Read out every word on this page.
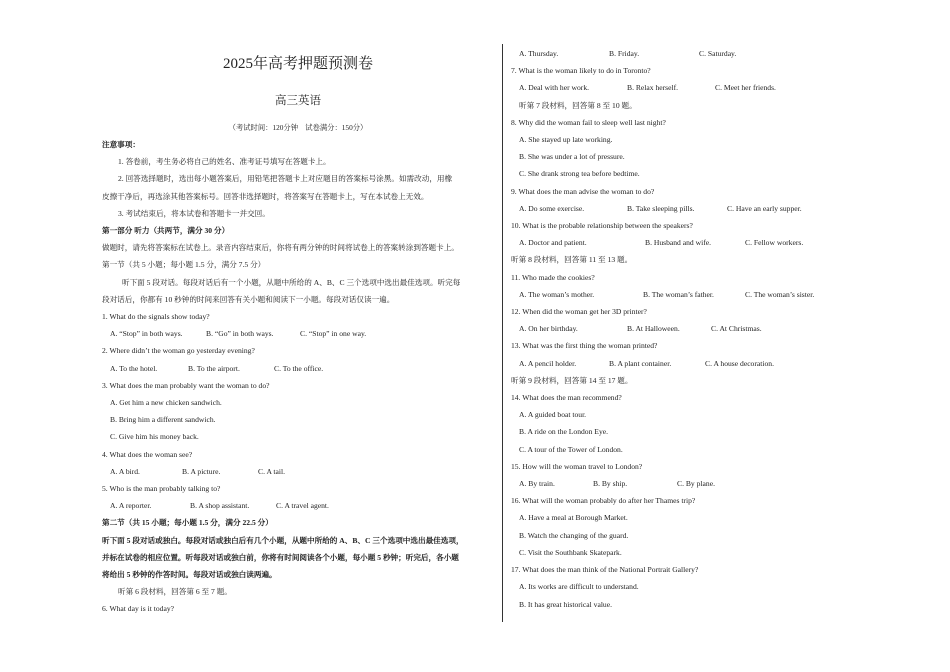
2025年高考押题预测卷
高三英语
（考试时间：120分钟　试卷满分：150分）
注意事项：
1. 答卷前，考生务必将自己的姓名、准考证号填写在答题卡上。
2. 回答选择题时，选出每小题答案后，用铅笔把答题卡上对应题目的答案标号涂黑。如需改动，用橡
皮擦干净后，再选涂其他答案标号。回答非选择题时，将答案写在答题卡上，写在本试卷上无效。
3. 考试结束后，将本试卷和答题卡一并交回。
第一部分 听力（共两节，满分 30 分）
做题时，请先将答案标在试卷上。录音内容结束后，你将有两分钟的时间将试卷上的答案转涂到答题卡上。
第一节（共 5 小题；每小题 1.5 分，满分 7.5 分）
听下面 5 段对话。每段对话后有一个小题，从题中所给的 A、B、C 三个选项中选出最佳选项。听完每
段对话后，你都有 10 秒钟的时间来回答有关小题和阅读下一小题。每段对话仅读一遍。
1. What do the signals show today?
A. “Stop” in both ways.	B. “Go” in both ways.	C. “Stop” in one way.
2. Where didn’t the woman go yesterday evening?
A. To the hotel.	B. To the airport.	C. To the office.
3. What does the man probably want the woman to do?
A. Get him a new chicken sandwich.
B. Bring him a different sandwich.
C. Give him his money back.
4. What does the woman see?
A. A bird.	B. A picture.	C. A tail.
5. Who is the man probably talking to?
A. A reporter.	B. A shop assistant.	C. A travel agent.
第二节（共 15 小题；每小题 1.5 分，满分 22.5 分）
听下面 5 段对话或独白。每段对话或独白后有几个小题，从题中所给的 A、B、C 三个选项中选出最佳选项，
并标在试卷的相应位置。听每段对话或独白前，你将有时间阅读各个小题，每小题 5 秒钟；听完后，各小题
将给出 5 秒钟的作答时间。每段对话或独白读两遍。
听第 6 段材料，回答第 6 至 7 题。
6. What day is it today?
A. Thursday.	B. Friday.	C. Saturday.
7. What is the woman likely to do in Toronto?
A. Deal with her work.	B. Relax herself.	C. Meet her friends.
听第 7 段材料，回答第 8 至 10 题。
8. Why did the woman fail to sleep well last night?
A. She stayed up late working.
B. She was under a lot of pressure.
C. She drank strong tea before bedtime.
9. What does the man advise the woman to do?
A. Do some exercise.	B. Take sleeping pills.	C. Have an early supper.
10. What is the probable relationship between the speakers?
A. Doctor and patient.	B. Husband and wife.	C. Fellow workers.
听第 8 段材料，回答第 11 至 13 题。
11. Who made the cookies?
A. The woman’s mother.	B. The woman’s father.	C. The woman’s sister.
12. When did the woman get her 3D printer?
A. On her birthday.	B. At Halloween.	C. At Christmas.
13. What was the first thing the woman printed?
A. A pencil holder.	B. A plant container.	C. A house decoration.
听第 9 段材料，回答第 14 至 17 题。
14. What does the man recommend?
A. A guided boat tour.
B. A ride on the London Eye.
C. A tour of the Tower of London.
15. How will the woman travel to London?
A. By train.	B. By ship.	C. By plane.
16. What will the woman probably do after her Thames trip?
A. Have a meal at Borough Market.
B. Watch the changing of the guard.
C. Visit the Southbank Skatepark.
17. What does the man think of the National Portrait Gallery?
A. Its works are difficult to understand.
B. It has great historical value.
